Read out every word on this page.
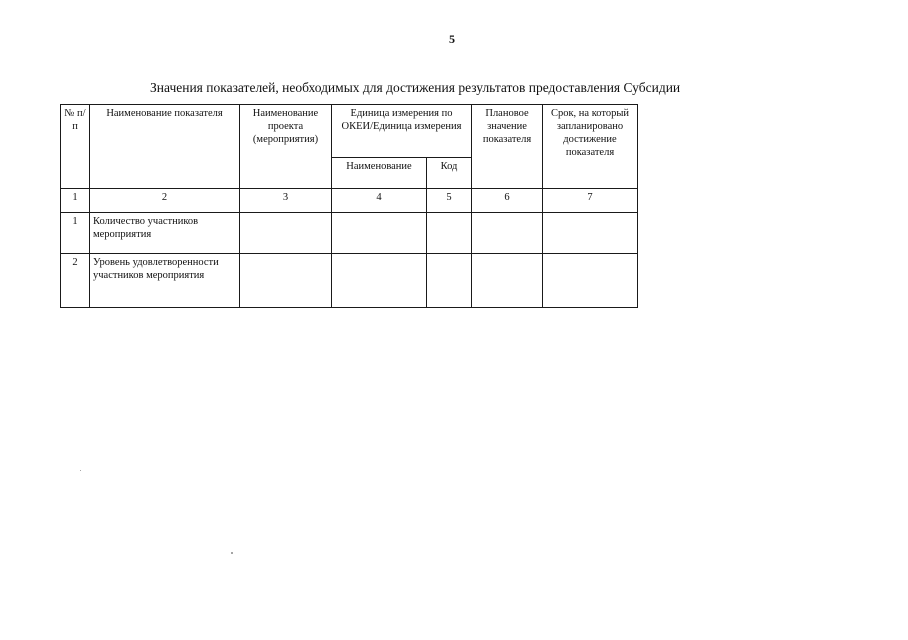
5
Значения показателей, необходимых для достижения результатов предоставления Субсидии
№ п/п	Наименование показателя	Наименование проекта (мероприятия)	Единица измерения по ОКЕИ/Единица измерения		Плановое значение показателя	Срок, на который запланировано достижение показателя
			Наименование	Код		
1	2	3	4	5	6	7
1	Количество участников мероприятия					
2	Уровень удовлетворенности участников мероприятия					
